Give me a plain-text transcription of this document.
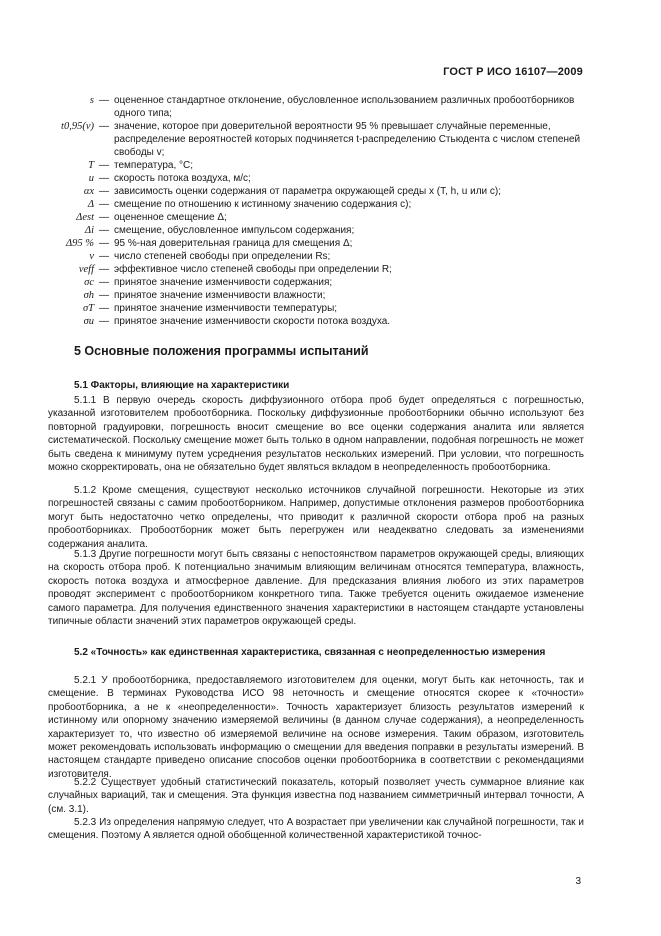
ГОСТ Р ИСО 16107—2009
s — оцененное стандартное отклонение, обусловленное использованием различных пробоотборников одного типа;
t0,95(v) — значение, которое при доверительной вероятности 95 % превышает случайные переменные, распределение вероятностей которых подчиняется t-распределению Стьюдента с числом степеней свободы v;
T — температура, °C;
u — скорость потока воздуха, м/с;
αx — зависимость оценки содержания от параметра окружающей среды x (T, h, u или c);
Δ — смещение по отношению к истинному значению содержания c);
Δest — оцененное смещение Δ;
Δi — смещение, обусловленное импульсом содержания;
Δ95 % — 95 %-ная доверительная граница для смещения Δ;
v — число степеней свободы при определении Rs;
veff — эффективное число степеней свободы при определении R;
σc — принятое значение изменчивости содержания;
σh — принятое значение изменчивости влажности;
σT — принятое значение изменчивости температуры;
σu — принятое значение изменчивости скорости потока воздуха.
5 Основные положения программы испытаний
5.1 Факторы, влияющие на характеристики
5.1.1 В первую очередь скорость диффузионного отбора проб будет определяться с погрешностью, указанной изготовителем пробоотборника. Поскольку диффузионные пробоотборники обычно используют без повторной градуировки, погрешность вносит смещение во все оценки содержания аналита или является систематической. Поскольку смещение может быть только в одном направлении, подобная погрешность не может быть сведена к минимуму путем усреднения результатов нескольких измерений. При условии, что погрешность можно скорректировать, она не обязательно будет являться вкладом в неопределенность пробоотборника.
5.1.2 Кроме смещения, существуют несколько источников случайной погрешности. Некоторые из этих погрешностей связаны с самим пробоотборником. Например, допустимые отклонения размеров пробоотборника могут быть недостаточно четко определены, что приводит к различной скорости отбора проб на разных пробоотборниках. Пробоотборник может быть перегружен или неадекватно следовать за изменениями содержания аналита.
5.1.3 Другие погрешности могут быть связаны с непостоянством параметров окружающей среды, влияющих на скорость отбора проб. К потенциально значимым влияющим величинам относятся температура, влажность, скорость потока воздуха и атмосферное давление. Для предсказания влияния любого из этих параметров проводят эксперимент с пробоотборником конкретного типа. Также требуется оценить ожидаемое изменение самого параметра. Для получения единственного значения характеристики в настоящем стандарте установлены типичные области значений этих параметров окружающей среды.
5.2 «Точность» как единственная характеристика, связанная с неопределенностью измерения
5.2.1 У пробоотборника, предоставляемого изготовителем для оценки, могут быть как неточность, так и смещение. В терминах Руководства ИСО 98 неточность и смещение относятся скорее к «точности» пробоотборника, а не к «неопределенности». Точность характеризует близость результатов измерений к истинному или опорному значению измеряемой величины (в данном случае содержания), а неопределенность характеризует то, что известно об измеряемой величине на основе измерения. Таким образом, изготовитель может рекомендовать использовать информацию о смещении для введения поправки в результаты измерений. В настоящем стандарте приведено описание способов оценки пробоотборника в соответствии с рекомендациями изготовителя.
5.2.2 Существует удобный статистический показатель, который позволяет учесть суммарное влияние как случайных вариаций, так и смещения. Эта функция известна под названием симметричный интервал точности, A (см. 3.1).
5.2.3 Из определения напрямую следует, что A возрастает при увеличении как случайной погрешности, так и смещения. Поэтому A является одной обобщенной количественной характеристикой точнос-
3
